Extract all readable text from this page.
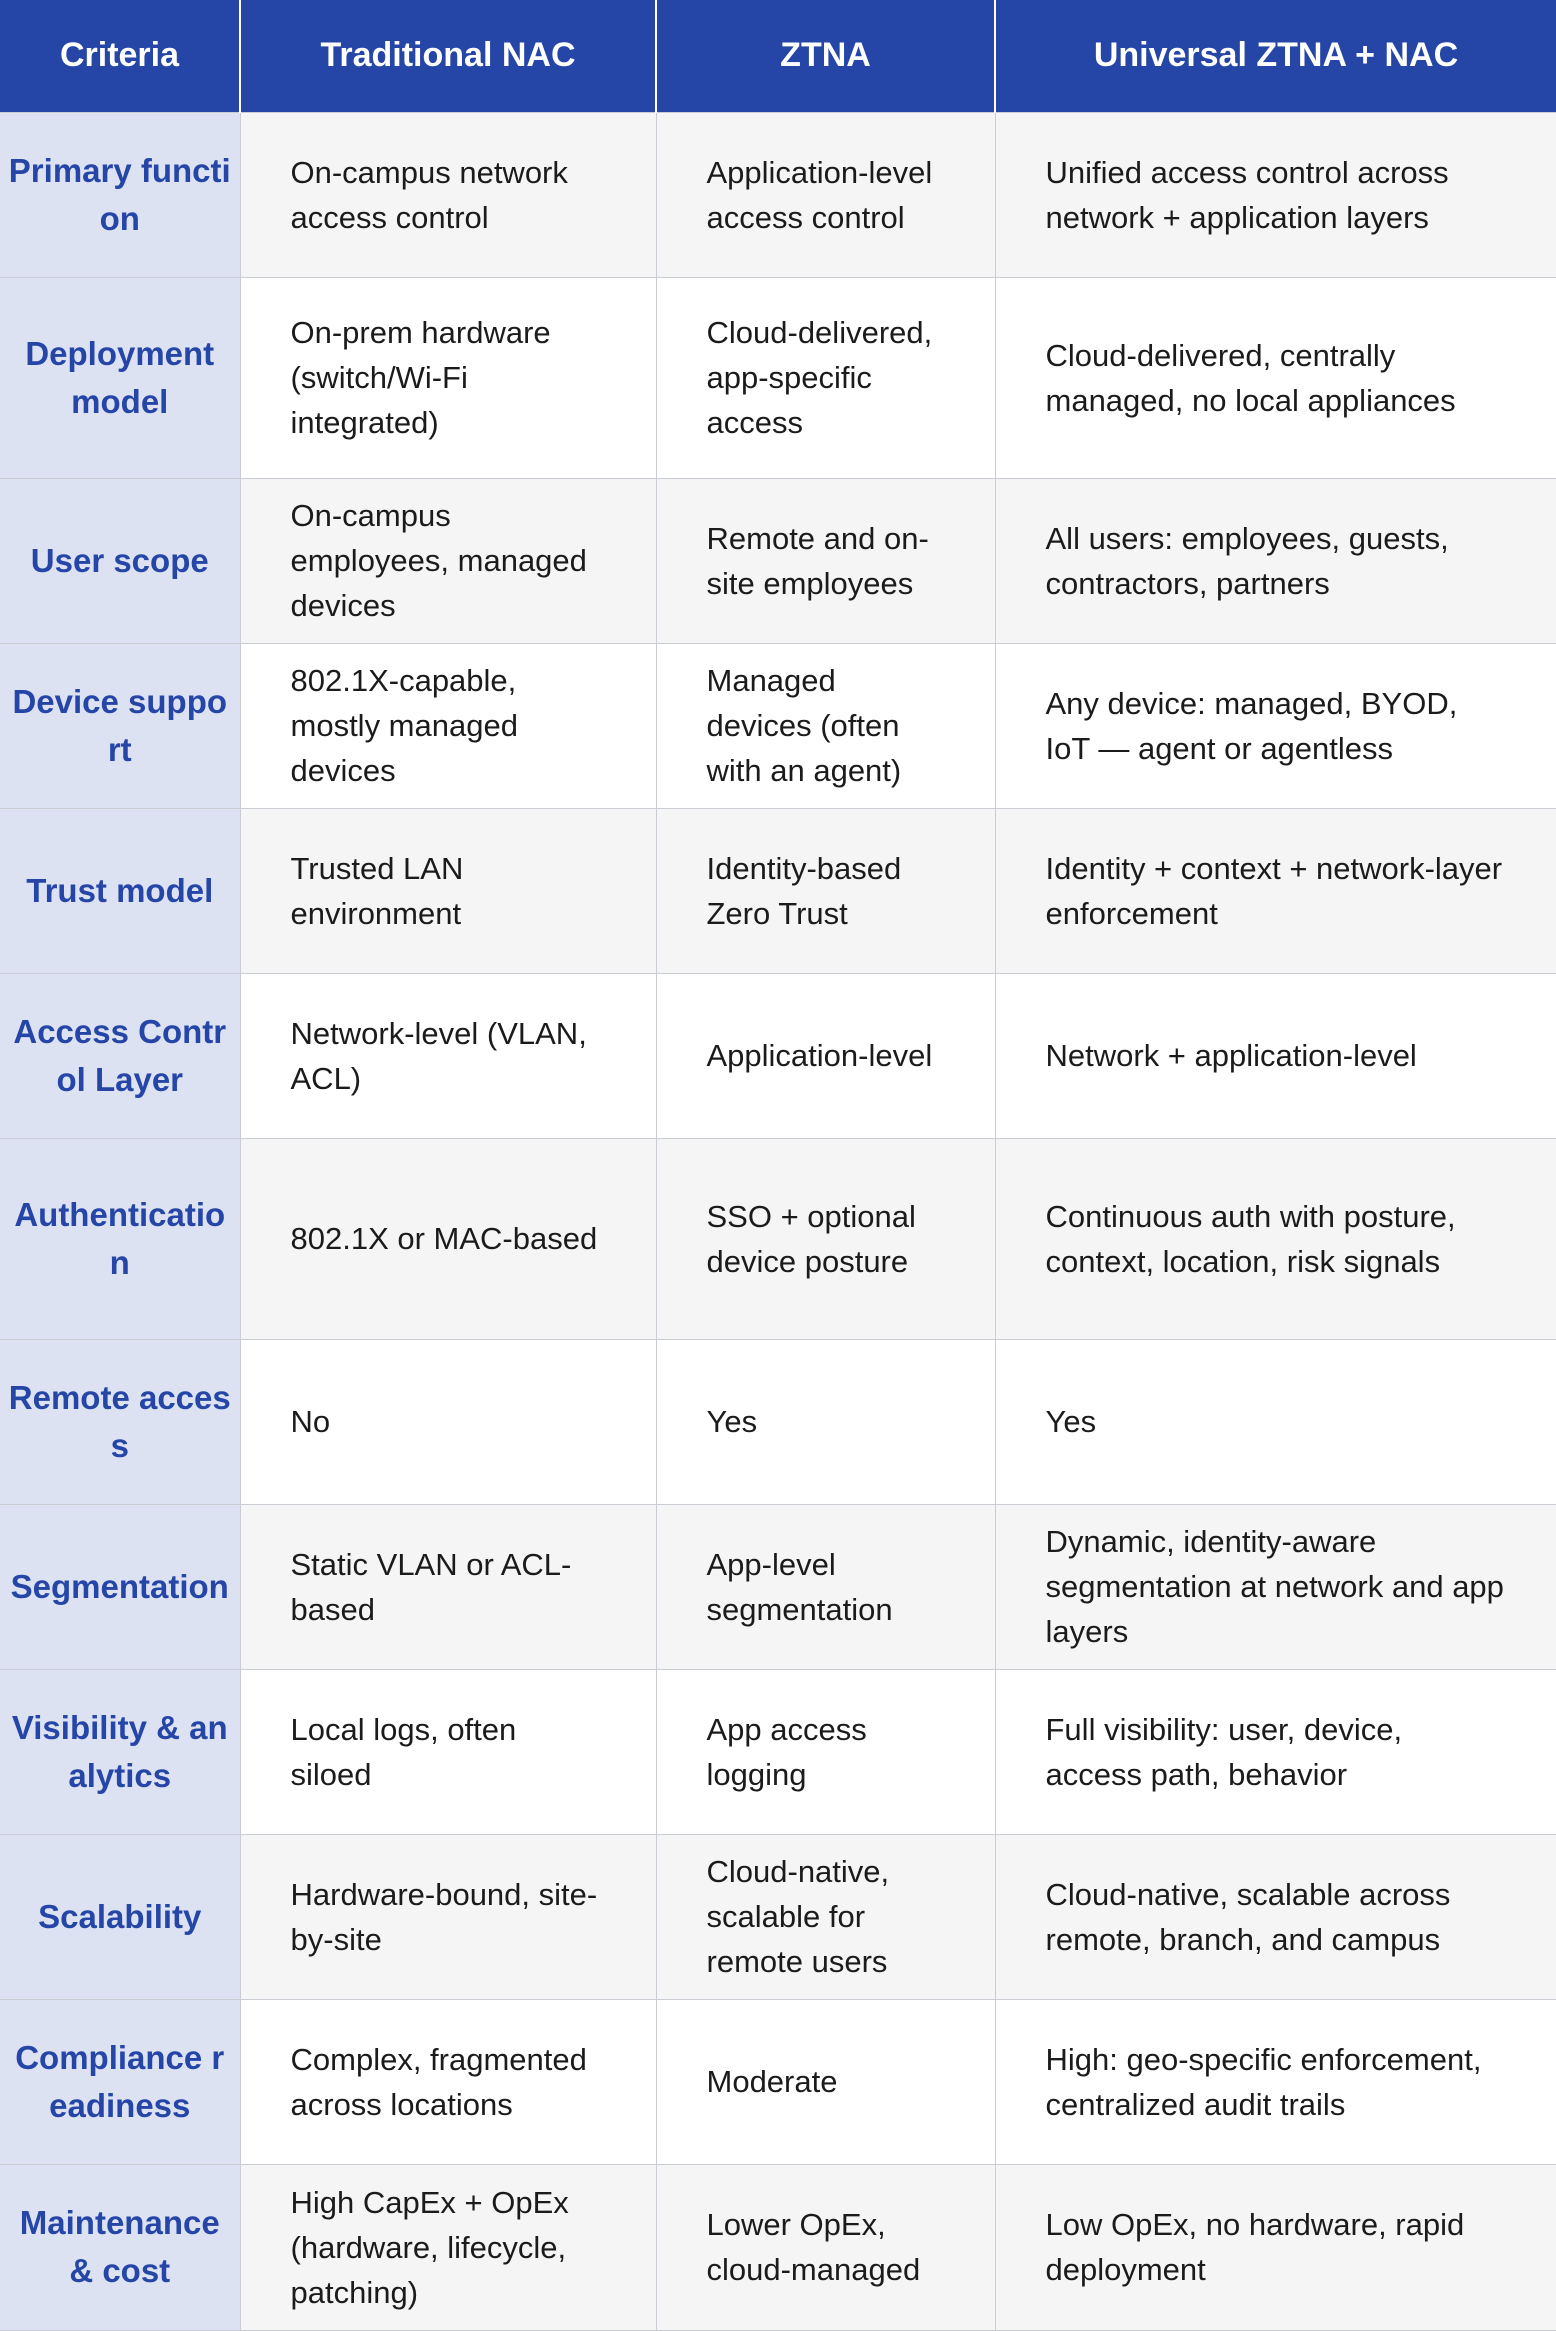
Criteria	Traditional NAC	ZTNA	Universal ZTNA + NAC
Primary function	On-campus network access control	Application-level access control	Unified access control across network + application layers
Deployment model	On-prem hardware (switch/Wi-Fi integrated)	Cloud-delivered, app-specific access	Cloud-delivered, centrally managed, no local appliances
User scope	On-campus employees, managed devices	Remote and on-site employees	All users: employees, guests, contractors, partners
Device support	802.1X-capable, mostly managed devices	Managed devices (often with an agent)	Any device: managed, BYOD, IoT — agent or agentless
Trust model	Trusted LAN environment	Identity-based Zero Trust	Identity + context + network-layer enforcement
Access Control Layer	Network-level (VLAN, ACL)	Application-level	Network + application-level
Authentication	802.1X or MAC-based	SSO + optional device posture	Continuous auth with posture, context, location, risk signals
Remote access	No	Yes	Yes
Segmentation	Static VLAN or ACL-based	App-level segmentation	Dynamic, identity-aware segmentation at network and app layers
Visibility & analytics	Local logs, often siloed	App access logging	Full visibility: user, device, access path, behavior
Scalability	Hardware-bound, site-by-site	Cloud-native, scalable for remote users	Cloud-native, scalable across remote, branch, and campus
Compliance readiness	Complex, fragmented across locations	Moderate	High: geo-specific enforcement, centralized audit trails
Maintenance & cost	High CapEx + OpEx (hardware, lifecycle, patching)	Lower OpEx, cloud-managed	Low OpEx, no hardware, rapid deployment
